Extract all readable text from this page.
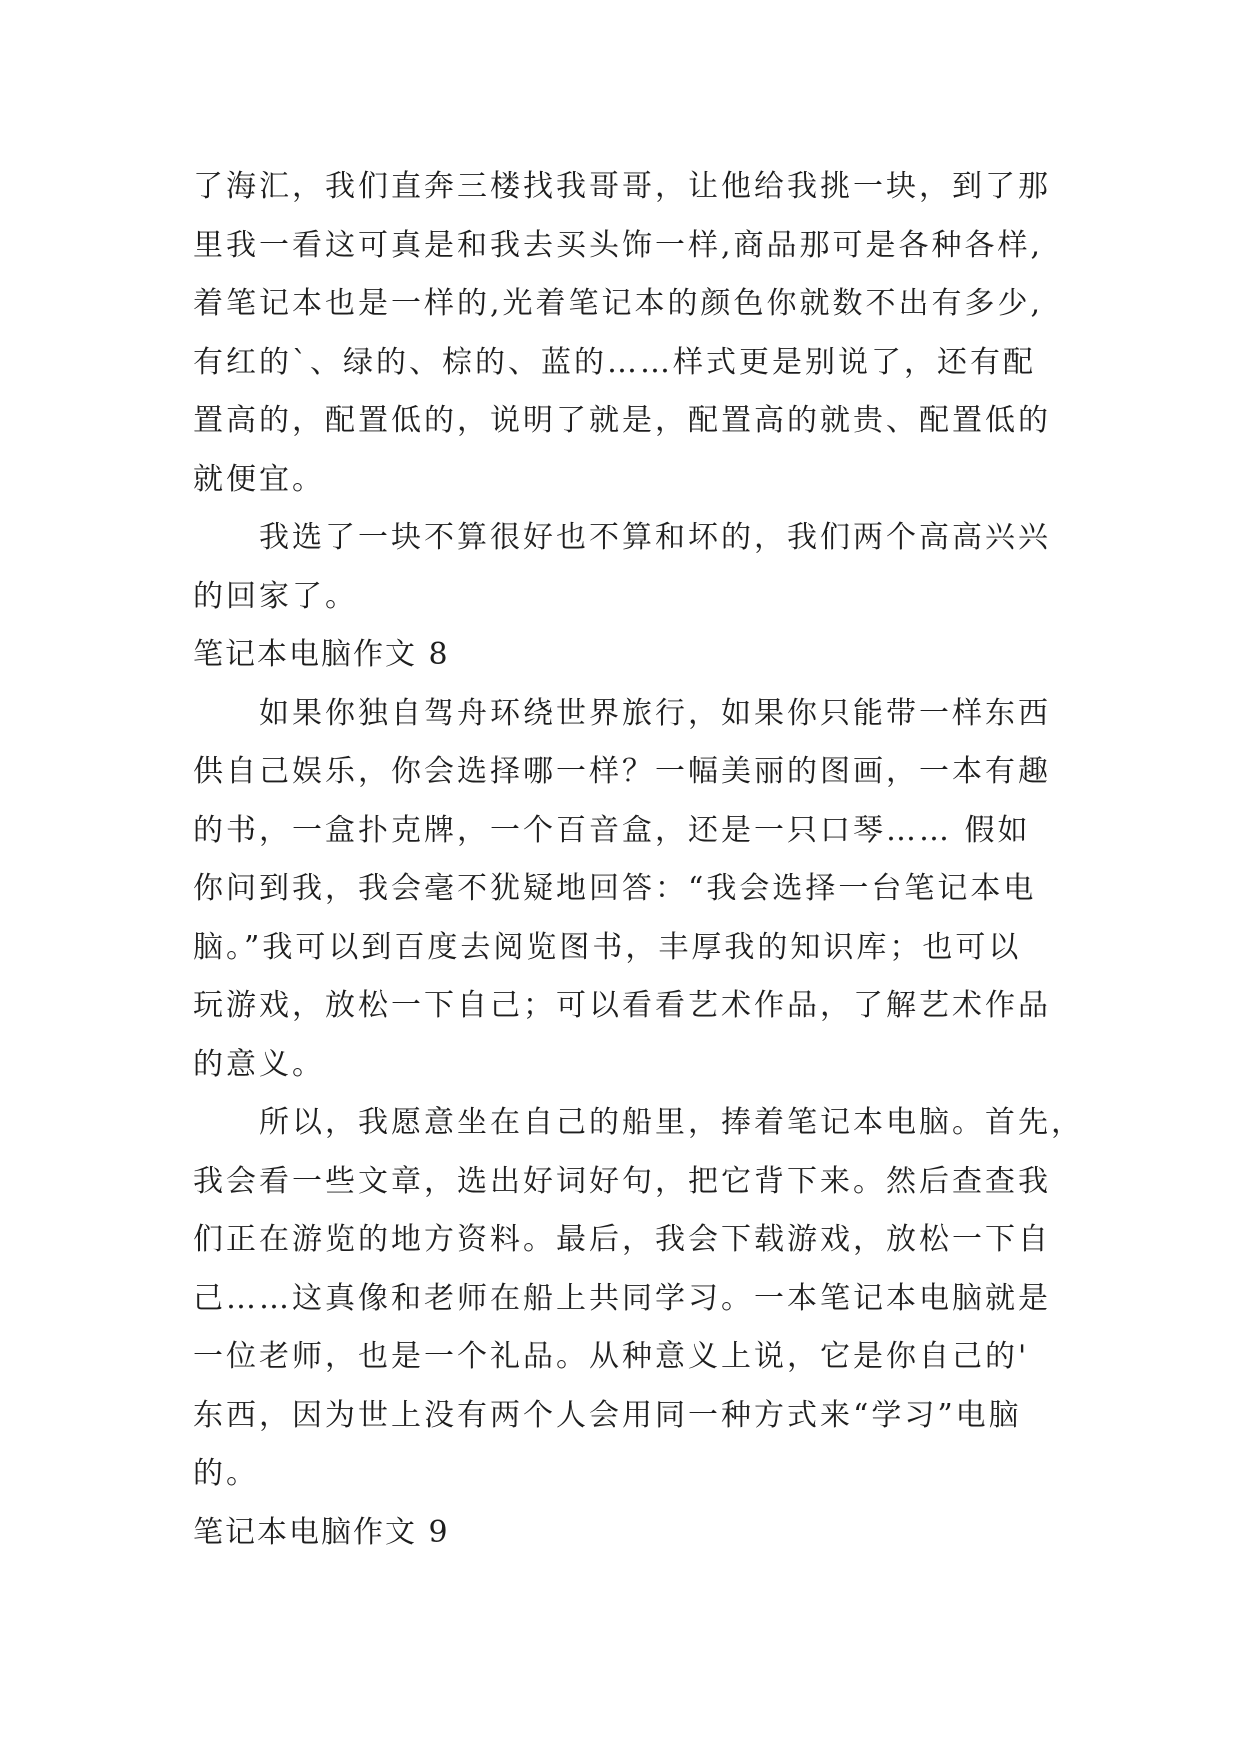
了海汇，我们直奔三楼找我哥哥，让他给我挑一块，到了那
里我一看这可真是和我去买头饰一样,商品那可是各种各样,
着笔记本也是一样的,光着笔记本的颜色你就数不出有多少,
有红的`、绿的、棕的、蓝的……样式更是别说了，还有配
置高的，配置低的，说明了就是，配置高的就贵、配置低的
就便宜。
我选了一块不算很好也不算和坏的，我们两个高高兴兴
的回家了。
笔记本电脑作文 8
如果你独自驾舟环绕世界旅行，如果你只能带一样东西
供自己娱乐，你会选择哪一样？一幅美丽的图画，一本有趣
的书，一盒扑克牌，一个百音盒，还是一只口琴…… 假如
你问到我，我会毫不犹疑地回答：“我会选择一台笔记本电
脑。”我可以到百度去阅览图书，丰厚我的知识库；也可以
玩游戏，放松一下自己；可以看看艺术作品，了解艺术作品
的意义。
所以，我愿意坐在自己的船里，捧着笔记本电脑。首先，
我会看一些文章，选出好词好句，把它背下来。然后查查我
们正在游览的地方资料。最后，我会下载游戏，放松一下自
己……这真像和老师在船上共同学习。一本笔记本电脑就是
一位老师，也是一个礼品。从种意义上说，它是你自己的'
东西，因为世上没有两个人会用同一种方式来“学习”电脑
的。
笔记本电脑作文 9
